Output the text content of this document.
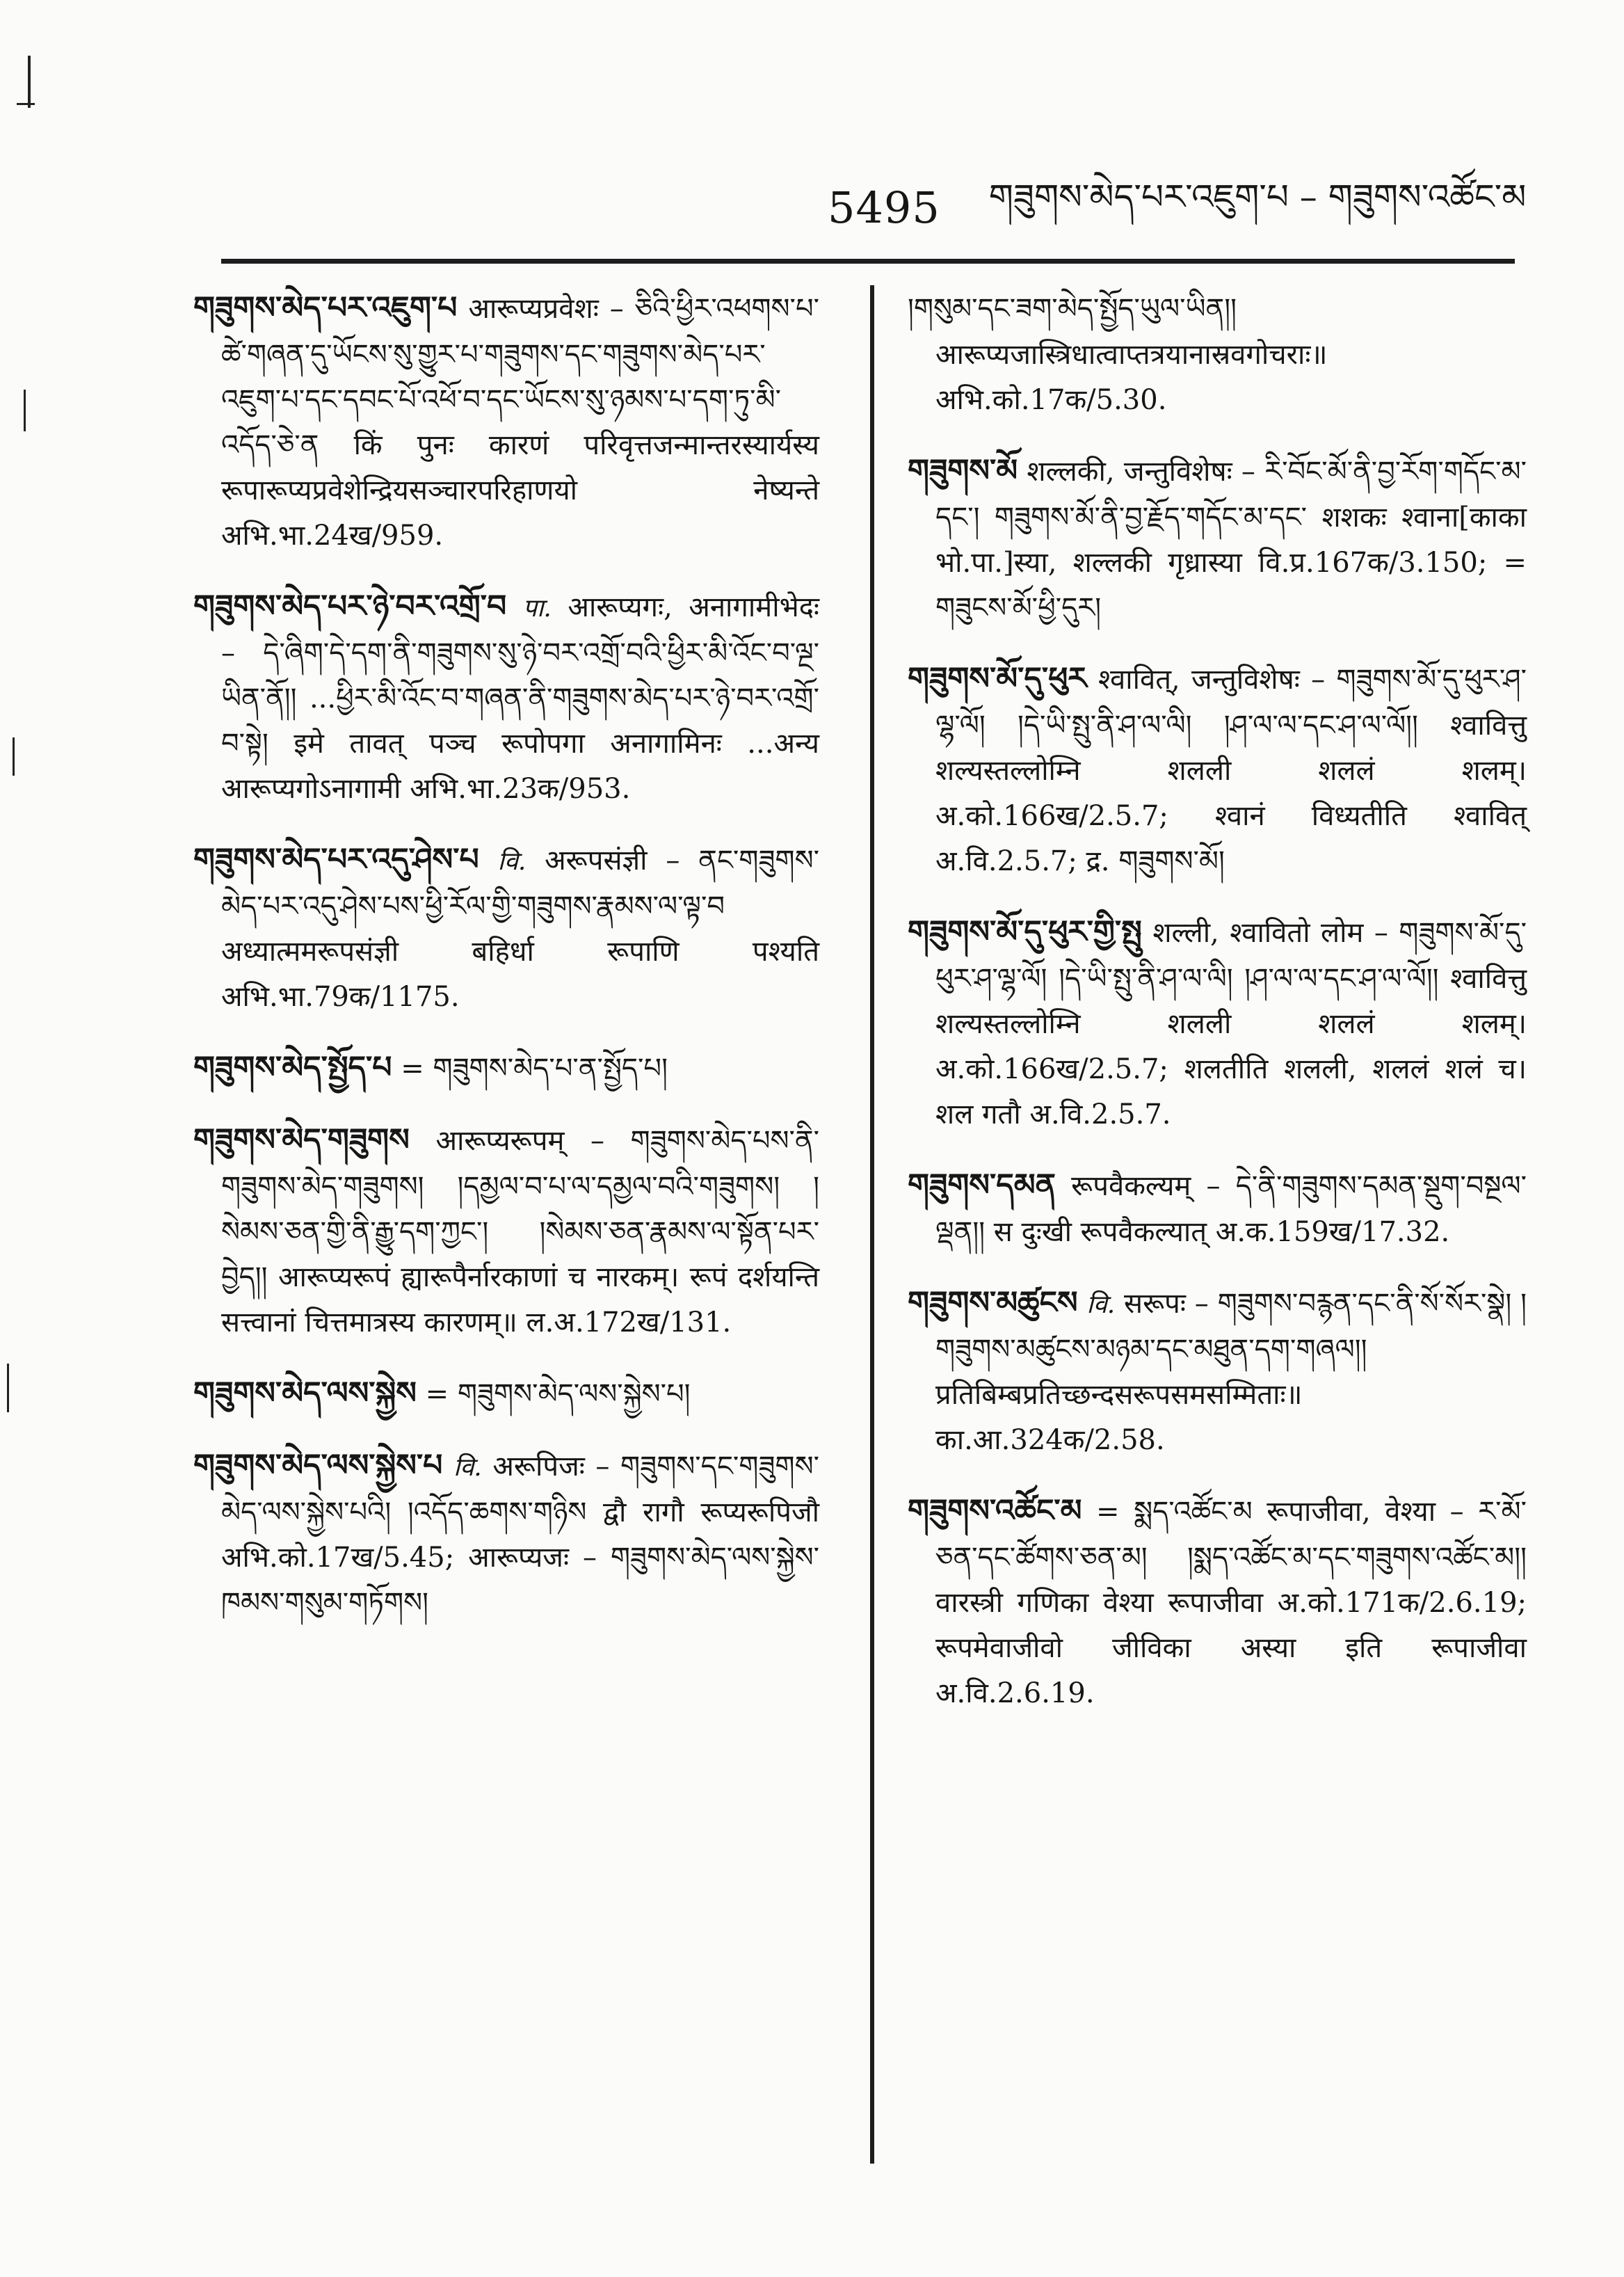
5495 གཟུགས་མེད་པར་འཇུག་པ – གཟུགས་འཚོང་མ

གཟུགས་མེད་པར་འཇུག་པ आरूप्यप्रवेशः – ཅིའི་ཕྱིར་འཕགས་པ་ཚེ་གཞན་དུ་ཡོངས་སུ་གྱུར་པ་གཟུགས་དང་གཟུགས་མེད་པར་འཇུག་པ་དང་དབང་པོ་འཕོ་བ་དང་ཡོངས་སུ་ཉམས་པ་དག་ཏུ་མི་འདོད་ཅེ་ན किं पुनः कारणं परिवृत्तजन्मान्तरस्यार्यस्य रूपारूप्यप्रवेशेन्द्रियसञ्चारपरिहाणयो नेष्यन्ते अभि.भा.24ख/959.

གཟུགས་མེད་པར་ཉེ་བར་འགྲོ་བ पा. आरूप्यगः, अनागामीभेदः – དེ་ཞིག་དེ་དག་ནི་གཟུགས་སུ་ཉེ་བར་འགྲོ་བའི་ཕྱིར་མི་འོང་བ་ལྔ་ཡིན་ནོ།། ...ཕྱིར་མི་འོང་བ་གཞན་ནི་གཟུགས་མེད་པར་ཉེ་བར་འགྲོ་བ་སྟེ། इमे तावत् पञ्च रूपोपगा अनागामिनः ...अन्य आरूप्यगोऽनागामी अभि.भा.23क/953.

གཟུགས་མེད་པར་འདུ་ཤེས་པ वि. अरूपसंज्ञी – ནང་གཟུགས་མེད་པར་འདུ་ཤེས་པས་ཕྱི་རོལ་གྱི་གཟུགས་རྣམས་ལ་ལྟ་བ अध्यात्ममरूपसंज्ञी बहिर्धा रूपाणि पश्यति अभि.भा.79क/1175.

གཟུགས་མེད་སྤྱོད་པ = གཟུགས་མེད་པ་ན་སྤྱོད་པ།

གཟུགས་མེད་གཟུགས आरूप्यरूपम् – གཟུགས་མེད་པས་ནི་གཟུགས་མེད་གཟུགས། །དམྱལ་བ་པ་ལ་དམྱལ་བའི་གཟུགས། །སེམས་ཅན་གྱི་ནི་རྒྱུ་དག་ཀྱང་། །སེམས་ཅན་རྣམས་ལ་སྟོན་པར་བྱེད།། आरूप्यरूपं ह्यारूपैर्नारकाणां च नारकम्। रूपं दर्शयन्ति सत्त्वानां चित्तमात्रस्य कारणम्॥ ल.अ.172ख/131.

གཟུགས་མེད་ལས་སྐྱེས = གཟུགས་མེད་ལས་སྐྱེས་པ།

གཟུགས་མེད་ལས་སྐྱེས་པ वि. अरूपिजः – གཟུགས་དང་གཟུགས་མེད་ལས་སྐྱེས་པའི། །འདོད་ཆགས་གཉིས द्वौ रागौ रूप्यरूपिजौ अभि.को.17ख/5.45; आरूप्यजः – གཟུགས་མེད་ལས་སྐྱེས་ཁམས་གསུམ་གཏོགས།

།གསུམ་དང་ཟག་མེད་སྤྱོད་ཡུལ་ཡིན།། आरूप्यजास्त्रिधात्वाप्तत्रयानास्रवगोचराः॥ अभि.को.17क/5.30.

གཟུགས་མོ शल्लकी, जन्तुविशेषः – རི་བོང་མོ་ནི་བྱ་རོག་གདོང་མ་དང་། གཟུགས་མོ་ནི་བྱ་རྗོད་གདོང་མ་དང་ शशकः श्वाना[काका भो.पा.]स्या, शल्लकी गृध्रास्या वि.प्र.167क/3.150; = གཟུངས་མོ་ཕྱི་དུར།

གཟུགས་མོ་དུ་ཕུར श्वावित्, जन्तुविशेषः – གཟུགས་མོ་དུ་ཕུར་ཤ་ལྷ་ལོ། །དེ་ཡི་སྤུ་ནི་ཤ་ལ་ལི། །ཤ་ལ་ལ་དང་ཤ་ལ་ལོ།། श्वावित्तु शल्यस्तल्लोम्नि शलली शललं शलम्। अ.को.166ख/2.5.7; श्वानं विध्यतीति श्वावित् अ.वि.2.5.7; द्र. གཟུགས་མོ།

གཟུགས་མོ་དུ་ཕུར་གྱི་སྤུ शल्ली, श्वावितो लोम – གཟུགས་མོ་དུ་ཕུར་ཤ་ལྷ་ལོ། །དེ་ཡི་སྤུ་ནི་ཤ་ལ་ལི། །ཤ་ལ་ལ་དང་ཤ་ལ་ལོ།། श्वावित्तु शल्यस्तल्लोम्नि शलली शललं शलम्। अ.को.166ख/2.5.7; शलतीति शलली, शललं शलं च। शल गतौ अ.वि.2.5.7.

གཟུགས་དམན रूपवैकल्यम् – དེ་ནི་གཟུགས་དམན་སྡུག་བསྔལ་ལྡན།། स दुःखी रूपवैकल्यात् अ.क.159ख/17.32.

གཟུགས་མཚུངས वि. सरूपः – གཟུགས་བརྙན་དང་ནི་སོ་སོར་སྣེ། །གཟུགས་མཚུངས་མཉམ་དང་མཐུན་དག་གཞལ།། प्रतिबिम्बप्रतिच्छन्दसरूपसमसम्मिताः॥ का.आ.324क/2.58.

གཟུགས་འཚོང་མ = སྨད་འཚོང་མ रूपाजीवा, वेश्या – ར་མོ་ཅན་དང་ཚོགས་ཅན་མ། །སྨད་འཚོང་མ་དང་གཟུགས་འཚོང་མ།། वारस्त्री गणिका वेश्या रूपाजीवा अ.को.171क/2.6.19; रूपमेवाजीवो जीविका अस्या इति रूपाजीवा अ.वि.2.6.19.
